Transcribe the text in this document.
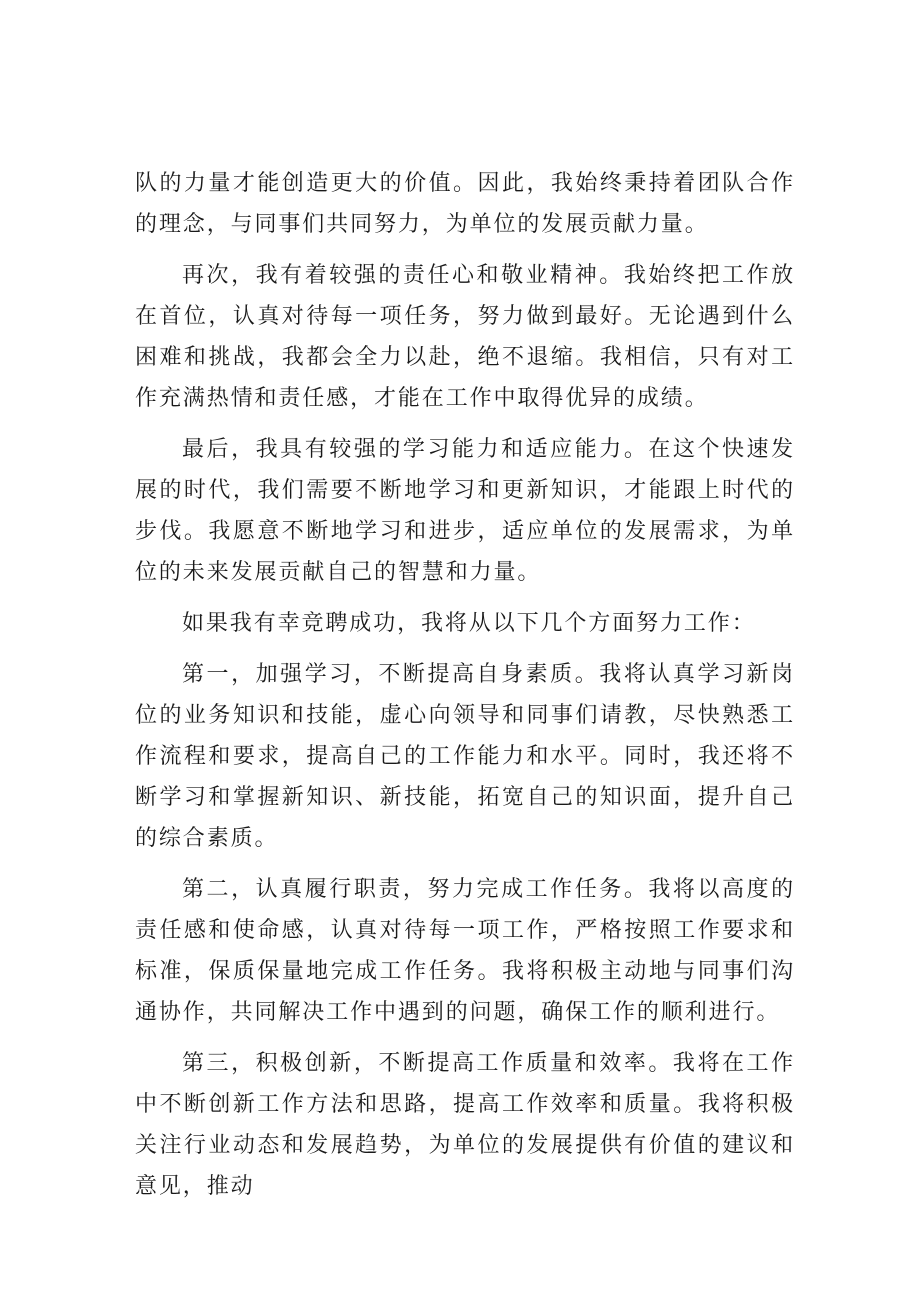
队的力量才能创造更大的价值。因此，我始终秉持着团队合作的理念，与同事们共同努力，为单位的发展贡献力量。

再次，我有着较强的责任心和敬业精神。我始终把工作放在首位，认真对待每一项任务，努力做到最好。无论遇到什么困难和挑战，我都会全力以赴，绝不退缩。我相信，只有对工作充满热情和责任感，才能在工作中取得优异的成绩。

最后，我具有较强的学习能力和适应能力。在这个快速发展的时代，我们需要不断地学习和更新知识，才能跟上时代的步伐。我愿意不断地学习和进步，适应单位的发展需求，为单位的未来发展贡献自己的智慧和力量。

如果我有幸竞聘成功，我将从以下几个方面努力工作：

第一，加强学习，不断提高自身素质。我将认真学习新岗位的业务知识和技能，虚心向领导和同事们请教，尽快熟悉工作流程和要求，提高自己的工作能力和水平。同时，我还将不断学习和掌握新知识、新技能，拓宽自己的知识面，提升自己的综合素质。

第二，认真履行职责，努力完成工作任务。我将以高度的责任感和使命感，认真对待每一项工作，严格按照工作要求和标准，保质保量地完成工作任务。我将积极主动地与同事们沟通协作，共同解决工作中遇到的问题，确保工作的顺利进行。

第三，积极创新，不断提高工作质量和效率。我将在工作中不断创新工作方法和思路，提高工作效率和质量。我将积极关注行业动态和发展趋势，为单位的发展提供有价值的建议和意见，推动
